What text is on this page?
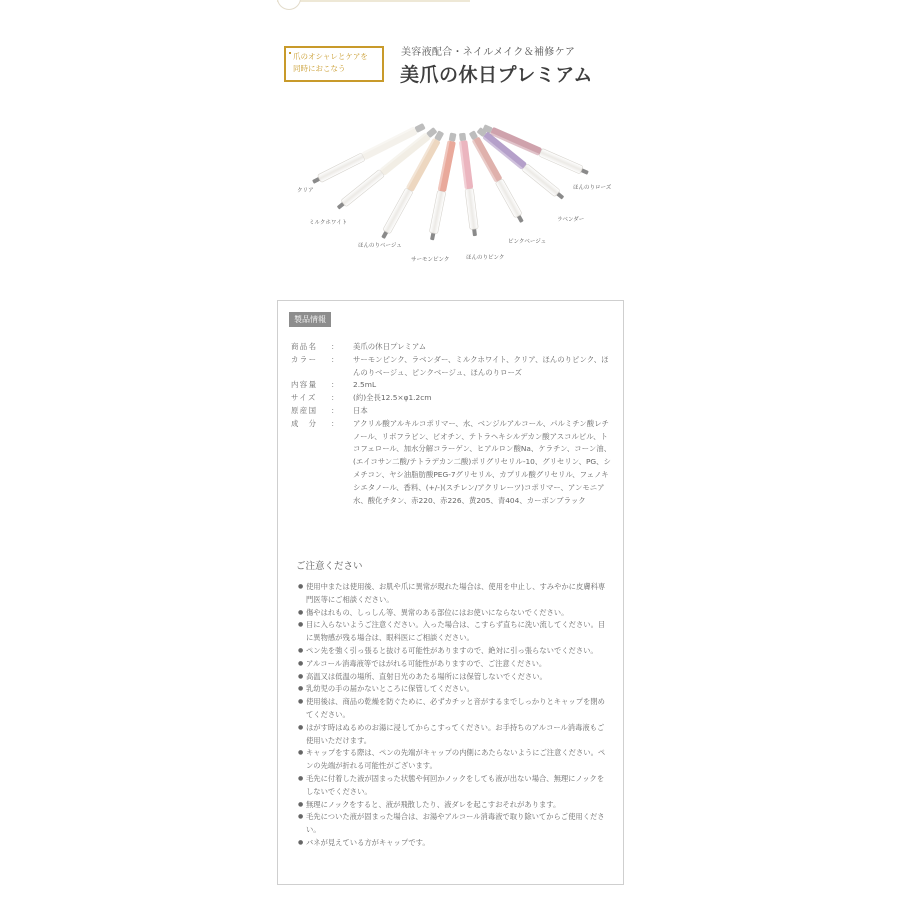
爪のオシャレとケアを
同時におこなう
美容液配合・ネイルメイク＆補修ケア
美爪の休日プレミアム
クリア
ミルクホワイト
ほんのりベージュ
サーモンピンク	ほんのりピンク
ピンクベージュ
ラベンダー
ほんのりローズ
製品情報
商品名	：	美爪の休日プレミアム
カラー	：	サーモンピンク、ラベンダー、ミルクホワイト、クリア、ほんのりピンク、ほんのりベージュ、ピンクベージュ、ほんのりローズ
内容量	：	2.5mL
サイズ	：	(約)全長12.5×φ1.2cm
原産国	：	日本
成　分	：	アクリル酸アルキルコポリマー、水、ベンジルアルコール、パルミチン酸レチノール、リボフラビン、ビオチン、テトラヘキシルデカン酸アスコルビル、トコフェロール、加水分解コラーゲン、ヒアルロン酸Na、ケラチン、コーン油、(エイコサン二酸/テトラデカン二酸)ポリグリセリル-10、グリセリン、PG、シメチコン、ヤシ油脂肪酸PEG-7グリセリル、カプリル酸グリセリル、フェノキシエタノール、香料、(+/-)(スチレン/アクリレーツ)コポリマー、アンモニア水、酸化チタン、赤220、赤226、黄205、青404、カーボンブラック
ご注意ください
● 使用中または使用後、お肌や爪に異常が現れた場合は、使用を中止し、すみやかに皮膚科専門医等にご相談ください。
● 傷やはれもの、しっしん等、異常のある部位にはお使いにならないでください。
● 目に入らないようご注意ください。入った場合は、こすらず直ちに洗い流してください。目に異物感が残る場合は、眼科医にご相談ください。
● ペン先を強く引っ張ると抜ける可能性がありますので、絶対に引っ張らないでください。
● アルコール消毒液等ではがれる可能性がありますので、ご注意ください。
● 高温又は低温の場所、直射日光のあたる場所には保管しないでください。
● 乳幼児の手の届かないところに保管してください。
● 使用後は、商品の乾燥を防ぐために、必ずカチッと音がするまでしっかりとキャップを閉めてください。
● はがす時はぬるめのお湯に浸してからこすってください。お手持ちのアルコール消毒液もご使用いただけます。
● キャップをする際は、ペンの先端がキャップの内側にあたらないようにご注意ください。ペンの先端が折れる可能性がございます。
● 毛先に付着した液が固まった状態や何回かノックをしても液が出ない場合、無理にノックをしないでください。
● 無理にノックをすると、液が飛散したり、液ダレを起こすおそれがあります。
● 毛先についた液が固まった場合は、お湯やアルコール消毒液で取り除いてからご使用ください。
● バネが見えている方がキャップです。
